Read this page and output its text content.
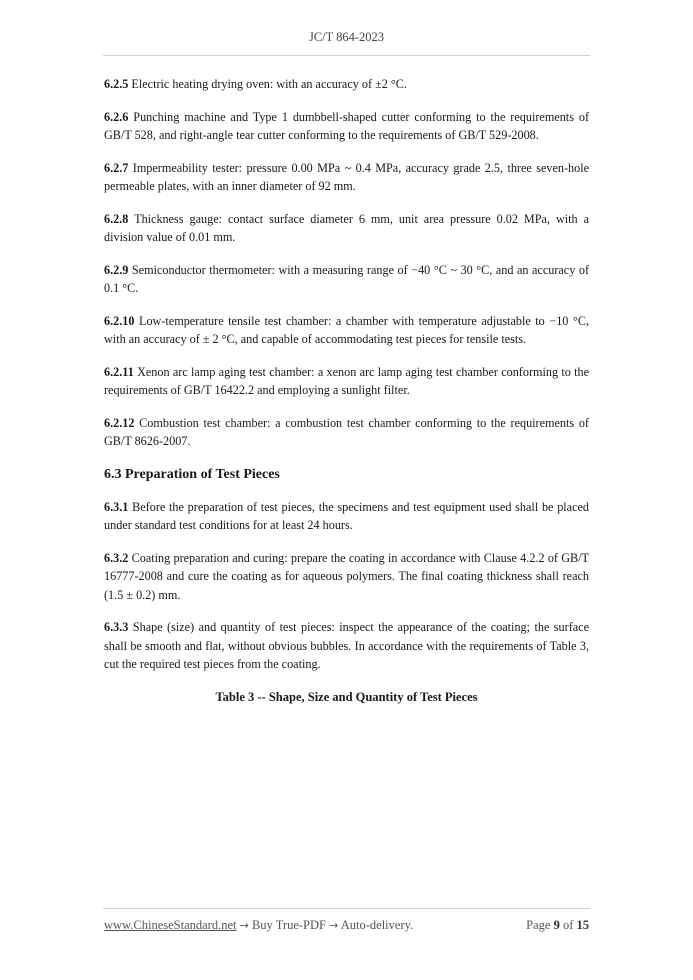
JC/T 864-2023

6.2.5 Electric heating drying oven: with an accuracy of ±2 °C.

6.2.6 Punching machine and Type 1 dumbbell-shaped cutter conforming to the requirements of GB/T 528, and right-angle tear cutter conforming to the requirements of GB/T 529-2008.

6.2.7 Impermeability tester: pressure 0.00 MPa ~ 0.4 MPa, accuracy grade 2.5, three seven-hole permeable plates, with an inner diameter of 92 mm.

6.2.8 Thickness gauge: contact surface diameter 6 mm, unit area pressure 0.02 MPa, with a division value of 0.01 mm.

6.2.9 Semiconductor thermometer: with a measuring range of −40 °C ~ 30 °C, and an accuracy of 0.1 °C.

6.2.10 Low-temperature tensile test chamber: a chamber with temperature adjustable to −10 °C, with an accuracy of ± 2 °C, and capable of accommodating test pieces for tensile tests.

6.2.11 Xenon arc lamp aging test chamber: a xenon arc lamp aging test chamber conforming to the requirements of GB/T 16422.2 and employing a sunlight filter.

6.2.12 Combustion test chamber: a combustion test chamber conforming to the requirements of GB/T 8626-2007.

6.3 Preparation of Test Pieces

6.3.1 Before the preparation of test pieces, the specimens and test equipment used shall be placed under standard test conditions for at least 24 hours.

6.3.2 Coating preparation and curing: prepare the coating in accordance with Clause 4.2.2 of GB/T 16777-2008 and cure the coating as for aqueous polymers. The final coating thickness shall reach (1.5 ± 0.2) mm.

6.3.3 Shape (size) and quantity of test pieces: inspect the appearance of the coating; the surface shall be smooth and flat, without obvious bubbles. In accordance with the requirements of Table 3, cut the required test pieces from the coating.

Table 3 -- Shape, Size and Quantity of Test Pieces

www.ChineseStandard.net → Buy True-PDF → Auto-delivery.	Page 9 of 15
